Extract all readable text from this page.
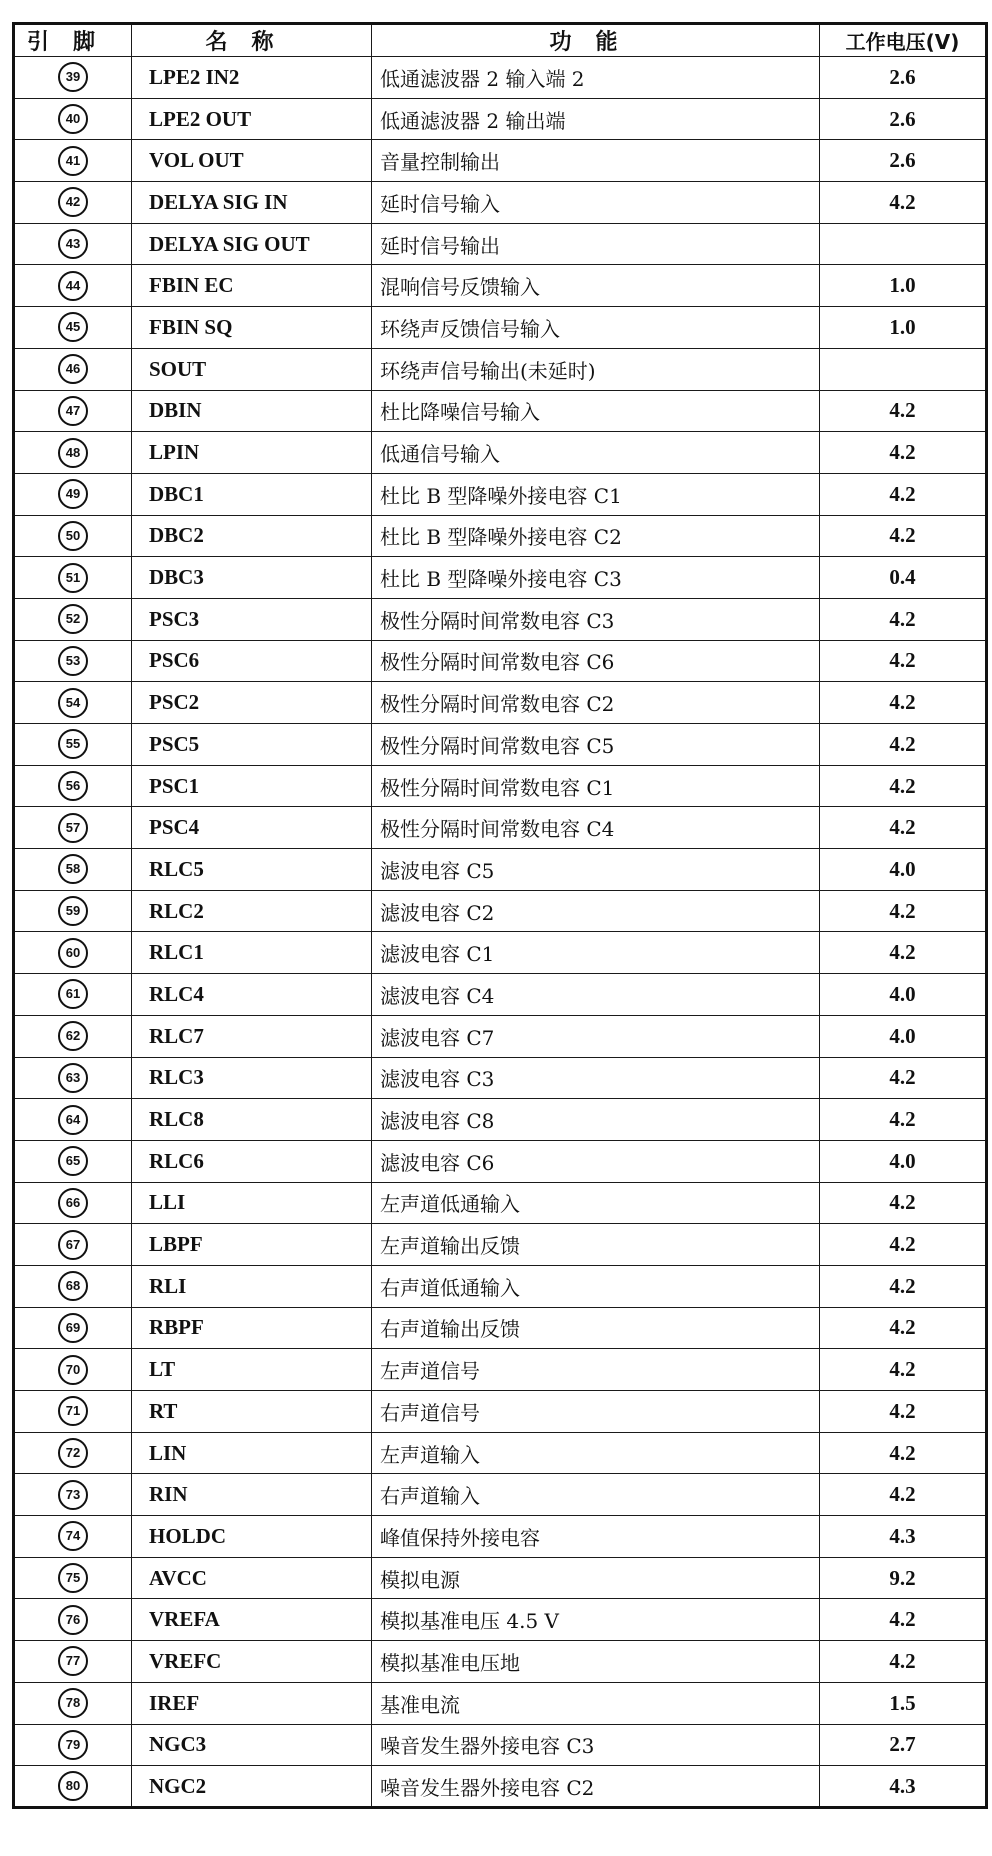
引脚	名称	功能	工作电压(V)
39	LPE2 IN2	低通滤波器 2 输入端 2	2.6
40	LPE2 OUT	低通滤波器 2 输出端	2.6
41	VOL OUT	音量控制输出	2.6
42	DELYA SIG IN	延时信号输入	4.2
43	DELYA SIG OUT	延时信号输出	
44	FBIN EC	混响信号反馈输入	1.0
45	FBIN SQ	环绕声反馈信号输入	1.0
46	SOUT	环绕声信号输出(未延时)	
47	DBIN	杜比降噪信号输入	4.2
48	LPIN	低通信号输入	4.2
49	DBC1	杜比 B 型降噪外接电容 C1	4.2
50	DBC2	杜比 B 型降噪外接电容 C2	4.2
51	DBC3	杜比 B 型降噪外接电容 C3	0.4
52	PSC3	极性分隔时间常数电容 C3	4.2
53	PSC6	极性分隔时间常数电容 C6	4.2
54	PSC2	极性分隔时间常数电容 C2	4.2
55	PSC5	极性分隔时间常数电容 C5	4.2
56	PSC1	极性分隔时间常数电容 C1	4.2
57	PSC4	极性分隔时间常数电容 C4	4.2
58	RLC5	滤波电容 C5	4.0
59	RLC2	滤波电容 C2	4.2
60	RLC1	滤波电容 C1	4.2
61	RLC4	滤波电容 C4	4.0
62	RLC7	滤波电容 C7	4.0
63	RLC3	滤波电容 C3	4.2
64	RLC8	滤波电容 C8	4.2
65	RLC6	滤波电容 C6	4.0
66	LLI	左声道低通输入	4.2
67	LBPF	左声道输出反馈	4.2
68	RLI	右声道低通输入	4.2
69	RBPF	右声道输出反馈	4.2
70	LT	左声道信号	4.2
71	RT	右声道信号	4.2
72	LIN	左声道输入	4.2
73	RIN	右声道输入	4.2
74	HOLDC	峰值保持外接电容	4.3
75	AVCC	模拟电源	9.2
76	VREFA	模拟基准电压 4.5 V	4.2
77	VREFC	模拟基准电压地	4.2
78	IREF	基准电流	1.5
79	NGC3	噪音发生器外接电容 C3	2.7
80	NGC2	噪音发生器外接电容 C2	4.3
